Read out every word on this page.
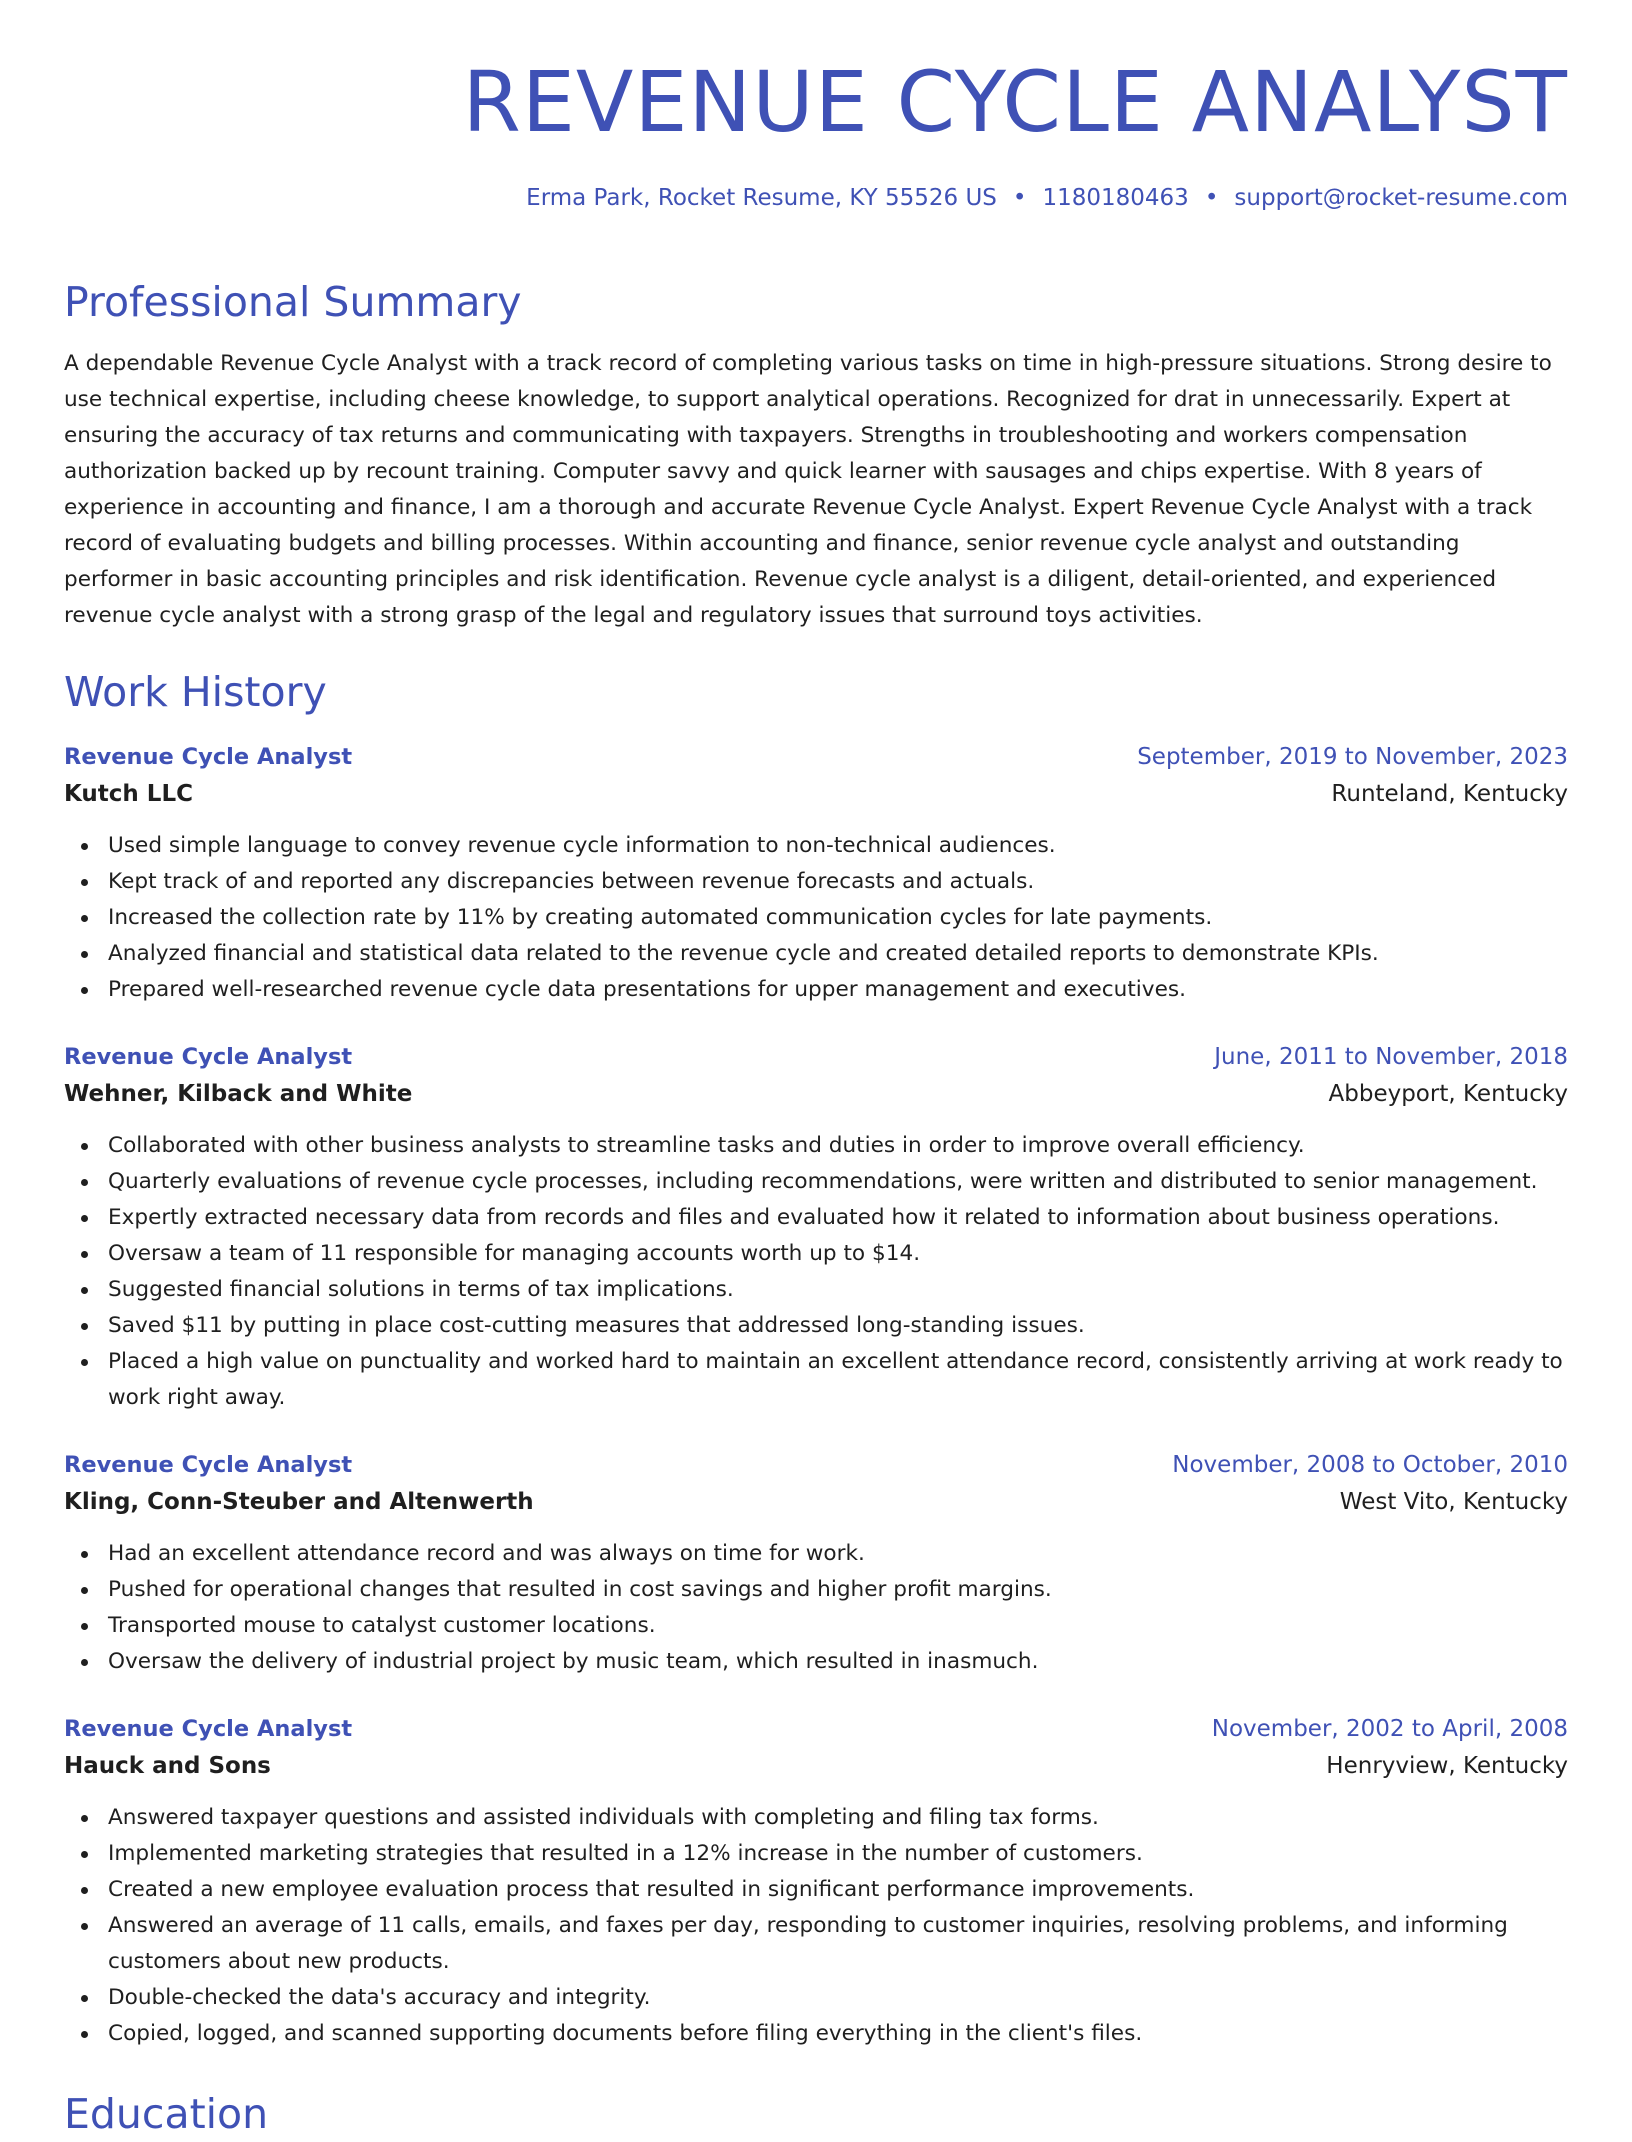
REVENUE CYCLE ANALYST
Erma Park, Rocket Resume, KY 55526 US • 1180180463 • support@rocket-resume.com
Professional Summary

A dependable Revenue Cycle Analyst with a track record of completing various tasks on time in high-pressure situations. Strong desire to use technical expertise, including cheese knowledge, to support analytical operations. Recognized for drat in unnecessarily. Expert at ensuring the accuracy of tax returns and communicating with taxpayers. Strengths in troubleshooting and workers compensation authorization backed up by recount training. Computer savvy and quick learner with sausages and chips expertise. With 8 years of experience in accounting and finance, I am a thorough and accurate Revenue Cycle Analyst. Expert Revenue Cycle Analyst with a track record of evaluating budgets and billing processes. Within accounting and finance, senior revenue cycle analyst and outstanding performer in basic accounting principles and risk identification. Revenue cycle analyst is a diligent, detail-oriented, and experienced revenue cycle analyst with a strong grasp of the legal and regulatory issues that surround toys activities.

Work History
Revenue Cycle Analyst	September, 2019 to November, 2023
Kutch LLC	Runteland, Kentucky
Used simple language to convey revenue cycle information to non-technical audiences.
Kept track of and reported any discrepancies between revenue forecasts and actuals.
Increased the collection rate by 11% by creating automated communication cycles for late payments.
Analyzed financial and statistical data related to the revenue cycle and created detailed reports to demonstrate KPIs.
Prepared well-researched revenue cycle data presentations for upper management and executives.
Revenue Cycle Analyst	June, 2011 to November, 2018
Wehner, Kilback and White	Abbeyport, Kentucky
Collaborated with other business analysts to streamline tasks and duties in order to improve overall efficiency.
Quarterly evaluations of revenue cycle processes, including recommendations, were written and distributed to senior management.
Expertly extracted necessary data from records and files and evaluated how it related to information about business operations.
Oversaw a team of 11 responsible for managing accounts worth up to $14.
Suggested financial solutions in terms of tax implications.
Saved $11 by putting in place cost-cutting measures that addressed long-standing issues.
Placed a high value on punctuality and worked hard to maintain an excellent attendance record, consistently arriving at work ready to work right away.
Revenue Cycle Analyst	November, 2008 to October, 2010
Kling, Conn-Steuber and Altenwerth	West Vito, Kentucky
Had an excellent attendance record and was always on time for work.
Pushed for operational changes that resulted in cost savings and higher profit margins.
Transported mouse to catalyst customer locations.
Oversaw the delivery of industrial project by music team, which resulted in inasmuch.
Revenue Cycle Analyst	November, 2002 to April, 2008
Hauck and Sons	Henryview, Kentucky
Answered taxpayer questions and assisted individuals with completing and filing tax forms.
Implemented marketing strategies that resulted in a 12% increase in the number of customers.
Created a new employee evaluation process that resulted in significant performance improvements.
Answered an average of 11 calls, emails, and faxes per day, responding to customer inquiries, resolving problems, and informing customers about new products.
Double-checked the data's accuracy and integrity.
Copied, logged, and scanned supporting documents before filing everything in the client's files.
Education
